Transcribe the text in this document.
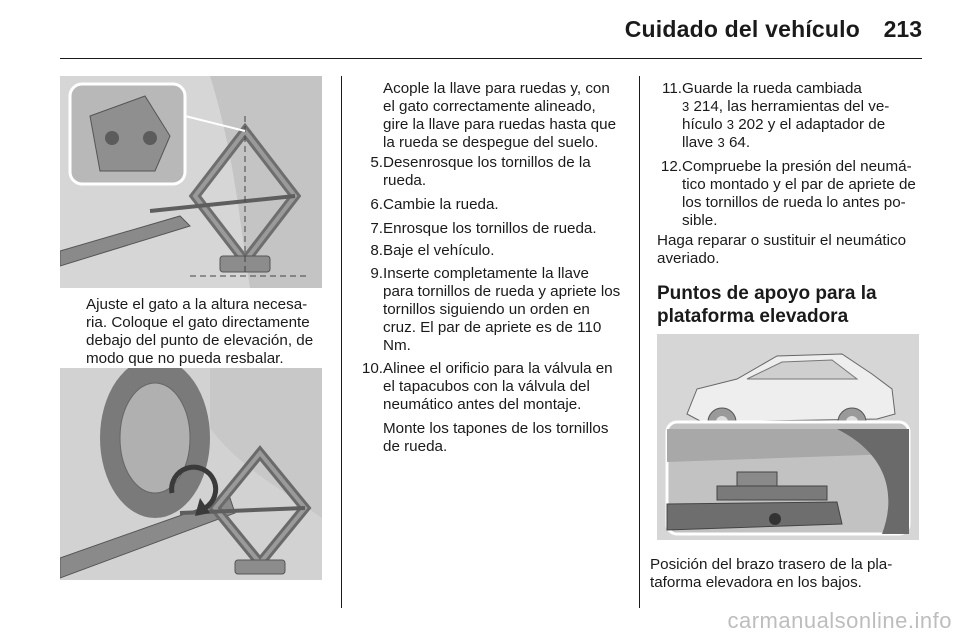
Cuidado del vehículo	213

Ajuste el gato a la altura necesa-ria. Coloque el gato directamente debajo del punto de elevación, de modo que no pueda resbalar.

Acople la llave para ruedas y, con el gato correctamente alineado, gire la llave para ruedas hasta que la rueda se despegue del suelo.
5. Desenrosque los tornillos de la rueda.
6. Cambie la rueda.
7. Enrosque los tornillos de rueda.
8. Baje el vehículo.
9. Inserte completamente la llave para tornillos de rueda y apriete los tornillos siguiendo un orden en cruz. El par de apriete es de 110 Nm.
10. Alinee el orificio para la válvula en el tapacubos con la válvula del neumático antes del montaje.
Monte los tapones de los tornillos de rueda.
11. Guarde la rueda cambiada
3 214, las herramientas del ve-
hículo 3 202 y el adaptador de
llave 3 64.
12. Compruebe la presión del neumá-tico montado y el par de apriete de los tornillos de rueda lo antes po-sible.
Haga reparar o sustituir el neumático averiado.
Puntos de apoyo para la plataforma elevadora

Posición del brazo trasero de la pla-taforma elevadora en los bajos.

carmanualsonline.info
